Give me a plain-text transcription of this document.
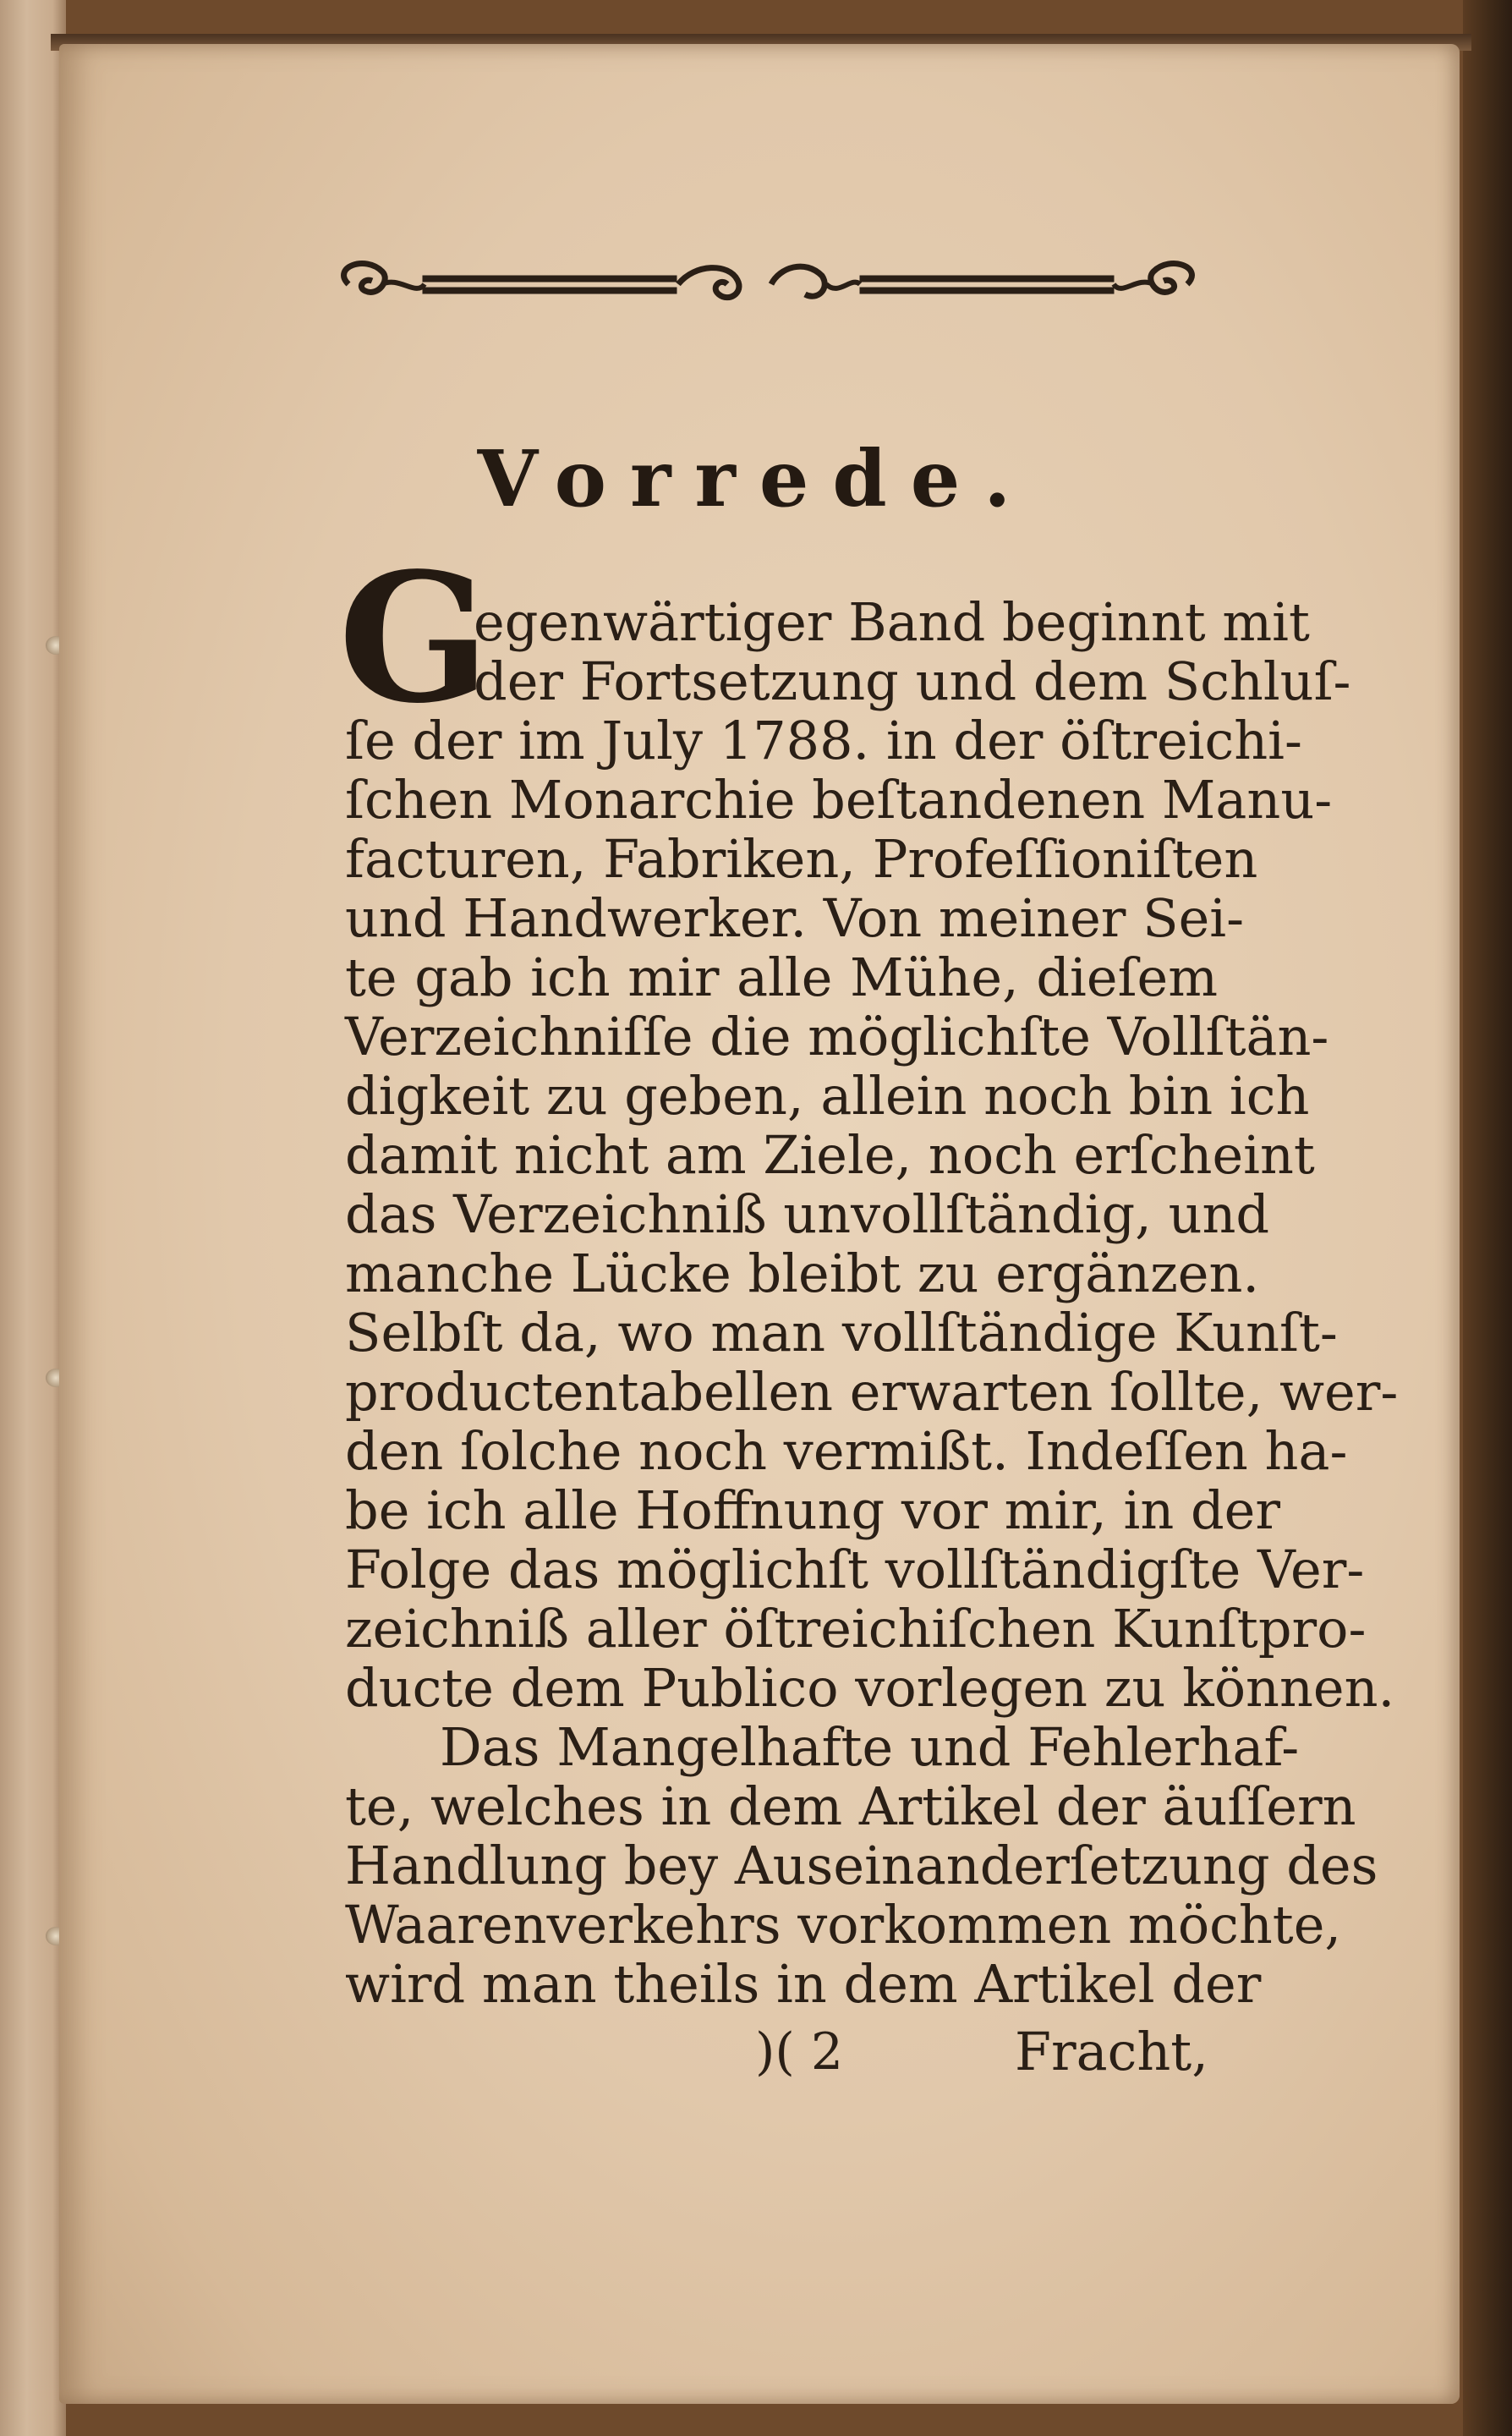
Vorrede.
G
egenwärtiger Band beginnt mit
der Fortsetzung und dem Schluſ-
ſe der im July 1788. in der öſtreichi-
ſchen Monarchie beſtandenen Manu-
facturen, Fabriken, Profeſſioniſten
und Handwerker. Von meiner Sei-
te gab ich mir alle Mühe, dieſem
Verzeichniſſe die möglichſte Vollſtän-
digkeit zu geben, allein noch bin ich
damit nicht am Ziele, noch erſcheint
das Verzeichniß unvollſtändig, und
manche Lücke bleibt zu ergänzen.
Selbſt da, wo man vollſtändige Kunſt-
productentabellen erwarten ſollte, wer-
den ſolche noch vermißt. Indeſſen ha-
be ich alle Hoffnung vor mir, in der
Folge das möglichſt vollſtändigſte Ver-
zeichniß aller öſtreichiſchen Kunſtpro-
ducte dem Publico vorlegen zu können.
Das Mangelhafte und Fehlerhaf-
te, welches in dem Artikel der äuſſern
Handlung bey Auseinanderſetzung des
Waarenverkehrs vorkommen möchte,
wird man theils in dem Artikel der
)( 2	Fracht,
